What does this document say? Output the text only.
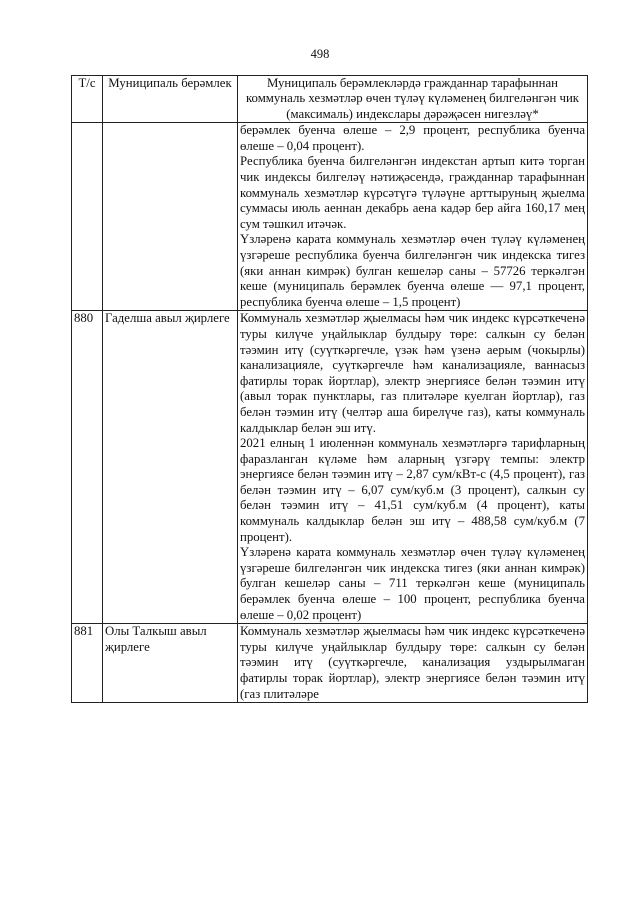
498
Т/с	Муниципаль берәмлек	Муниципаль берәмлекләрдә гражданнар тарафыннан коммуналь хезмәтләр өчен түләү күләменең билгеләнгән чик (максималь) индекслары дәрәҗәсен нигезләү*

		берәмлек буенча өлеше – 2,9 процент, республика буенча өлеше – 0,04 процент).

Республика буенча билгеләнгән индекстан артып китә торган чик индексы билгеләү нәтиҗәсендә, гражданнар тарафыннан коммуналь хезмәтләр күрсәтүгә түләүне арттыруның җыелма суммасы июль аеннан декабрь аена кадәр бер айга 160,17 мең сум тәшкил итәчәк.

Үзләренә карата коммуналь хезмәтләр өчен түләү күләменең үзгәреше республика буенча билгеләнгән чик индекска тигез (яки аннан кимрәк) булган кешеләр саны – 57726 теркәлгән кеше (муниципаль берәмлек буенча өлеше — 97,1 процент, республика буенча өлеше – 1,5 процент)

880	Гаделша авыл җирлеге	Коммуналь хезмәтләр җыелмасы һәм чик индекс күрсәткеченә туры килүче уңайлыклар булдыру төре: салкын су белән тәэмин итү (суүткәргечле, үзәк һәм үзенә аерым (чокырлы) канализацияле, суүткәргечле һәм канализацияле, ваннасыз фатирлы торак йортлар), электр энергиясе белән тәэмин итү (авыл торак пунктлары, газ плитәләре куелган йортлар), газ белән тәэмин итү (челтәр аша бирелүче газ), каты коммуналь калдыклар белән эш итү.

2021 елның 1 июленнән коммуналь хезмәтләргә тарифларның фаразланган күләме һәм аларның үзгәрү темпы: электр энергиясе белән тәэмин итү – 2,87 сум/кВт-с (4,5 процент), газ белән тәэмин итү – 6,07 сум/куб.м (3 процент), салкын су белән тәэмин итү – 41,51 сум/куб.м (4 процент), каты коммуналь калдыклар белән эш итү – 488,58 сум/куб.м (7 процент).

Үзләренә карата коммуналь хезмәтләр өчен түләү күләменең үзгәреше билгеләнгән чик индекска тигез (яки аннан кимрәк) булган кешеләр саны – 711 теркәлгән кеше (муниципаль берәмлек буенча өлеше – 100 процент, республика буенча өлеше – 0,02 процент)

881	Олы Талкыш авыл җирлеге	Коммуналь хезмәтләр җыелмасы һәм чик индекс күрсәткеченә туры килүче уңайлыклар булдыру төре: салкын су белән тәэмин итү (суүткәргечле, канализация уздырылмаган фатирлы торак йортлар), электр энергиясе белән тәэмин итү (газ плитәләре
